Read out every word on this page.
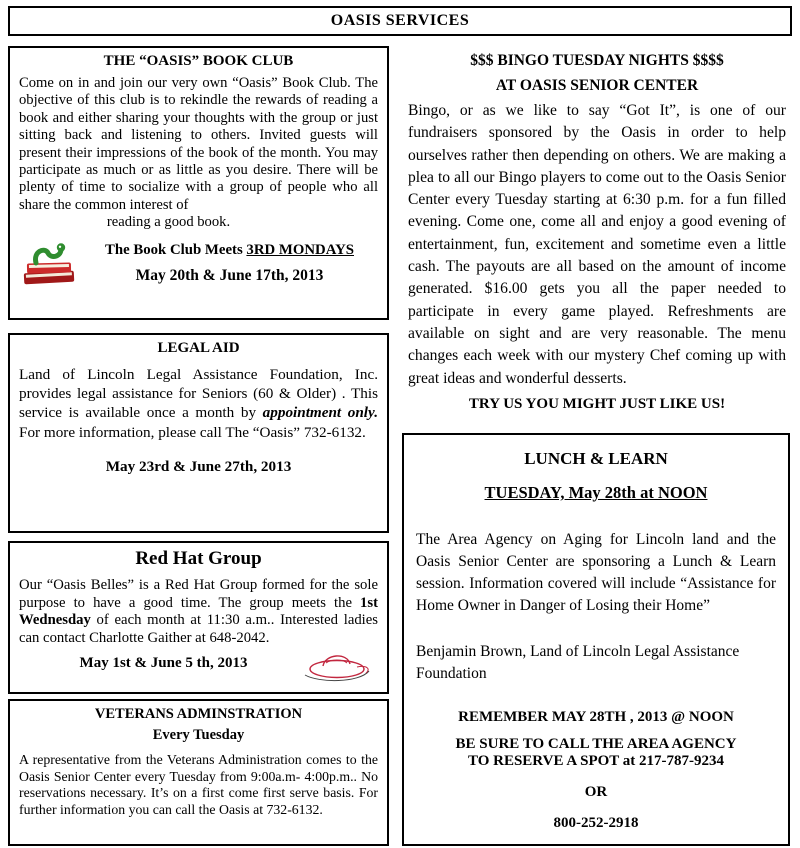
OASIS SERVICES
THE “OASIS” BOOK CLUB

Come on in and join our very own “Oasis” Book Club. The objective of this club is to rekindle the rewards of reading a book and either sharing your thoughts with the group or just sitting back and listening to others. Invited guests will present their impressions of the book of the month. You may participate as much or as little as you desire. There will be plenty of time to socialize with a group of people who all share the common interest of

reading a good book.
The Book Club Meets 3RD MONDAYS
May 20th & June 17th, 2013
LEGAL AID

Land of Lincoln Legal Assistance Foundation, Inc. provides legal assistance for Seniors (60 & Older) . This service is available once a month by appointment only. For more information, please call The “Oasis” 732-6132.

May 23rd & June 27th, 2013
Red Hat Group

Our “Oasis Belles” is a Red Hat Group formed for the sole purpose to have a good time. The group meets the 1st Wednesday of each month at 11:30 a.m.. Interested ladies can contact Charlotte Gaither at 648-2042.

May 1st & June 5 th, 2013
VETERANS ADMINSTRATION
Every Tuesday

A representative from the Veterans Administration comes to the Oasis Senior Center every Tuesday from 9:00a.m- 4:00p.m.. No reservations necessary. It’s on a first come first serve basis. For further information you can call the Oasis at 732-6132.

$$$ BINGO TUESDAY NIGHTS $$$$
AT OASIS SENIOR CENTER

Bingo, or as we like to say “Got It”, is one of our fundraisers sponsored by the Oasis in order to help ourselves rather then depending on others. We are making a plea to all our Bingo players to come out to the Oasis Senior Center every Tuesday starting at 6:30 p.m. for a fun filled evening. Come one, come all and enjoy a good evening of entertainment, fun, excitement and sometime even a little cash. The payouts are all based on the amount of income generated. $16.00 gets you all the paper needed to participate in every game played. Refreshments are available on sight and are very reasonable. The menu changes each week with our mystery Chef coming up with great ideas and wonderful desserts.

TRY US YOU MIGHT JUST LIKE US!
LUNCH & LEARN
TUESDAY, May 28th at NOON

The Area Agency on Aging for Lincoln land and the Oasis Senior Center are sponsoring a Lunch & Learn session. Information covered will include “Assistance for Home Owner in Danger of Losing their Home”

Benjamin Brown, Land of Lincoln Legal Assistance Foundation

REMEMBER MAY 28TH , 2013 @ NOON
BE SURE TO CALL THE AREA AGENCY TO RESERVE A SPOT at 217-787-9234
OR
800-252-2918
